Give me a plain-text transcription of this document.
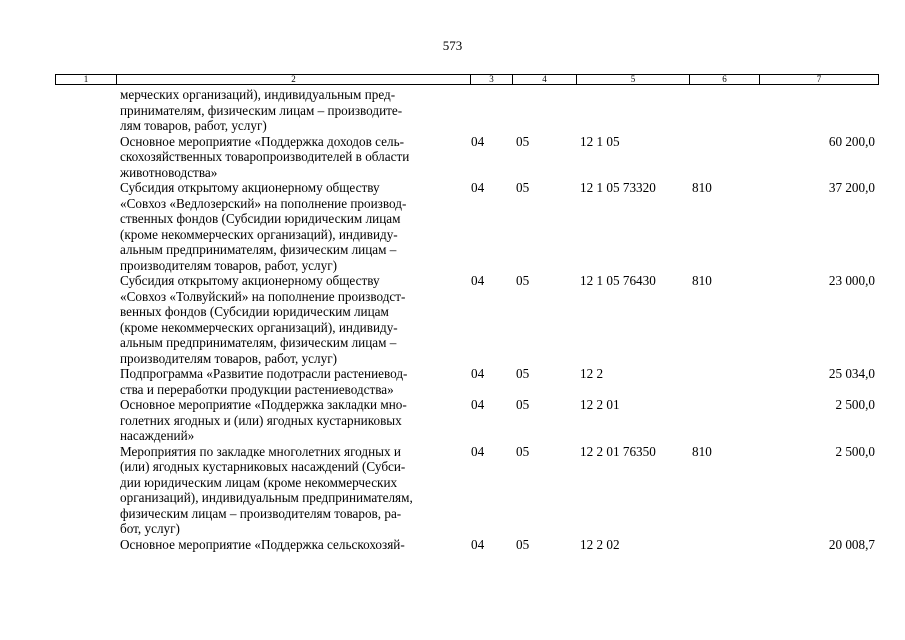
573
1	2	3	4	5	6	7
мерческих организаций), индивидуальным пред-
принимателям, физическим лицам – производите-
лям товаров, работ, услуг)
Основное мероприятие «Поддержка доходов сель-
скохозяйственных товаропроизводителей в области
животноводства»
04 05	12 1 05	60 200,0
Субсидия открытому акционерному обществу
«Совхоз «Ведлозерский» на пополнение производ-
ственных фондов (Субсидии юридическим лицам
(кроме некоммерческих организаций), индивиду-
альным предпринимателям, физическим лицам –
производителям товаров, работ, услуг)
04 05	12 1 05 73320	810	37 200,0
Субсидия открытому акционерному обществу
«Совхоз «Толвуйский» на пополнение производст-
венных фондов (Субсидии юридическим лицам
(кроме некоммерческих организаций), индивиду-
альным предпринимателям, физическим лицам –
производителям товаров, работ, услуг)
04 05	12 1 05 76430	810	23 000,0
Подпрограмма «Развитие подотрасли растениевод-
ства и переработки продукции растениеводства»
04 05	12 2	25 034,0
Основное мероприятие «Поддержка закладки мно-
голетних ягодных и (или) ягодных кустарниковых
насаждений»
04 05	12 2 01	2 500,0
Мероприятия по закладке многолетних ягодных и
(или) ягодных кустарниковых насаждений (Субси-
дии юридическим лицам (кроме некоммерческих
организаций), индивидуальным предпринимателям,
физическим лицам – производителям товаров, ра-
бот, услуг)
04 05	12 2 01 76350	810	2 500,0
Основное мероприятие «Поддержка сельскохозяй-	04 05	12 2 02	20 008,7
